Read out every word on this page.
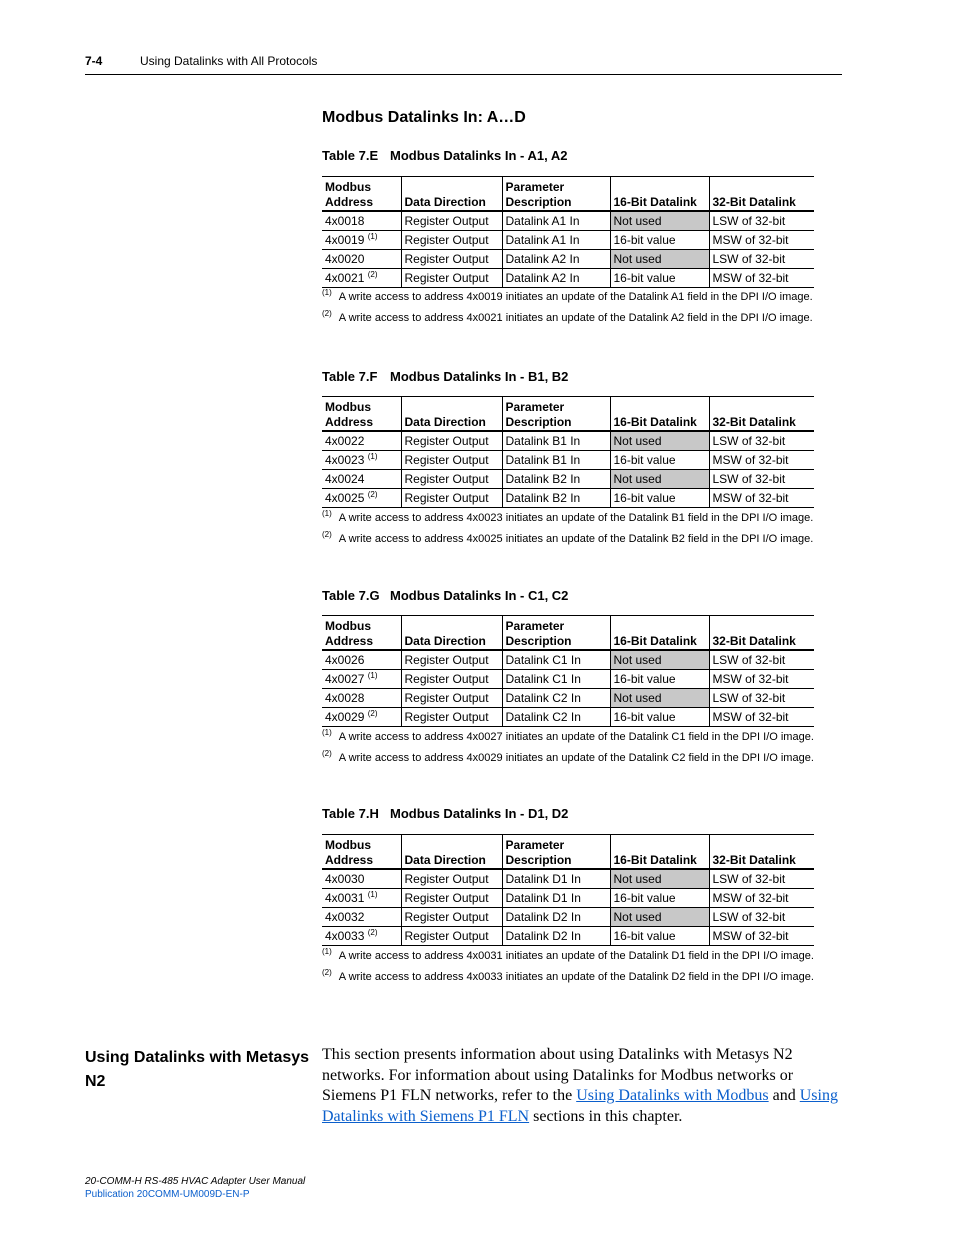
7-4	Using Datalinks with All Protocols
Modbus Datalinks In: A…D
Table 7.E Modbus Datalinks In - A1, A2
Modbus Address	Data Direction	Parameter Description	16-Bit Datalink	32-Bit Datalink
4x0018	Register Output	Datalink A1 In	Not used	LSW of 32-bit
4x0019 $^{(1)}$	Register Output	Datalink A1 In	16-bit value	MSW of 32-bit
4x0020	Register Output	Datalink A2 In	Not used	LSW of 32-bit
4x0021 $^{(2)}$	Register Output	Datalink A2 In	16-bit value	MSW of 32-bit
$^{(1)}$ A write access to address 4x0019 initiates an update of the Datalink A1 field in the DPI I/O image.
$^{(2)}$ A write access to address 4x0021 initiates an update of the Datalink A2 field in the DPI I/O image.
Table 7.F Modbus Datalinks In - B1, B2
Modbus Address	Data Direction	Parameter Description	16-Bit Datalink	32-Bit Datalink
4x0022	Register Output	Datalink B1 In	Not used	LSW of 32-bit
4x0023 $^{(1)}$	Register Output	Datalink B1 In	16-bit value	MSW of 32-bit
4x0024	Register Output	Datalink B2 In	Not used	LSW of 32-bit
4x0025 $^{(2)}$	Register Output	Datalink B2 In	16-bit value	MSW of 32-bit
$^{(1)}$ A write access to address 4x0023 initiates an update of the Datalink B1 field in the DPI I/O image.
$^{(2)}$ A write access to address 4x0025 initiates an update of the Datalink B2 field in the DPI I/O image.
Table 7.G Modbus Datalinks In - C1, C2
Modbus Address	Data Direction	Parameter Description	16-Bit Datalink	32-Bit Datalink
4x0026	Register Output	Datalink C1 In	Not used	LSW of 32-bit
4x0027 $^{(1)}$	Register Output	Datalink C1 In	16-bit value	MSW of 32-bit
4x0028	Register Output	Datalink C2 In	Not used	LSW of 32-bit
4x0029 $^{(2)}$	Register Output	Datalink C2 In	16-bit value	MSW of 32-bit
$^{(1)}$ A write access to address 4x0027 initiates an update of the Datalink C1 field in the DPI I/O image.
$^{(2)}$ A write access to address 4x0029 initiates an update of the Datalink C2 field in the DPI I/O image.
Table 7.H Modbus Datalinks In - D1, D2
Modbus Address	Data Direction	Parameter Description	16-Bit Datalink	32-Bit Datalink
4x0030	Register Output	Datalink D1 In	Not used	LSW of 32-bit
4x0031 $^{(1)}$	Register Output	Datalink D1 In	16-bit value	MSW of 32-bit
4x0032	Register Output	Datalink D2 In	Not used	LSW of 32-bit
4x0033 $^{(2)}$	Register Output	Datalink D2 In	16-bit value	MSW of 32-bit
$^{(1)}$ A write access to address 4x0031 initiates an update of the Datalink D1 field in the DPI I/O image.
$^{(2)}$ A write access to address 4x0033 initiates an update of the Datalink D2 field in the DPI I/O image.
Using Datalinks with Metasys N2
This section presents information about using Datalinks with Metasys N2 networks. For information about using Datalinks for Modbus networks or Siemens P1 FLN networks, refer to the Using Datalinks with Modbus and Using Datalinks with Siemens P1 FLN sections in this chapter.
20-COMM-H RS-485 HVAC Adapter User Manual
Publication 20COMM-UM009D-EN-P
